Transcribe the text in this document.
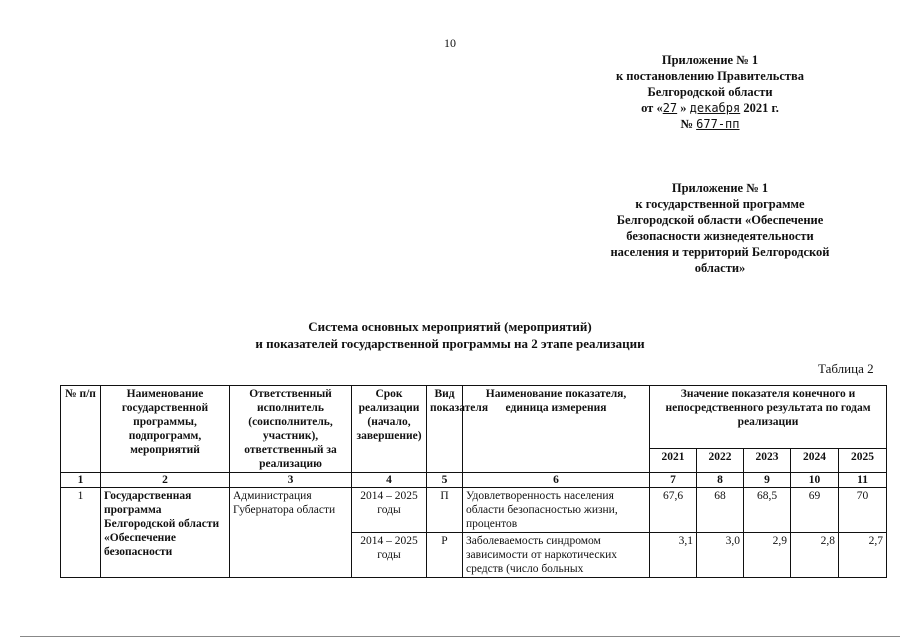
10
Приложение № 1
к постановлению Правительства
Белгородской области
от «27 » декабря 2021 г.
№ 677-пп
Приложение № 1
к государственной программе
Белгородской области «Обеспечение
безопасности жизнедеятельности
населения и территорий Белгородской
области»
Система основных мероприятий (мероприятий)
и показателей государственной программы на 2 этапе реализации
Таблица 2
№ п/п	Наименование государственной программы, подпрограмм, мероприятий	Ответственный исполнитель (соисполнитель, участник), ответственный за реализацию	Срок реализации (начало, завершение)	Вид показателя	Наименование показателя, единица измерения	Значение показателя конечного и непосредственного результата по годам реализации				
						2021	2022	2023	2024	2025
1	2	3	4	5	6	7	8	9	10	11
1	Государственная программа Белгородской области «Обеспечение безопасности	Администрация Губернатора области	2014 – 2025 годы	П	Удовлетворенность населения области безопасностью жизни, процентов	67,6	68	68,5	69	70
			2014 – 2025 годы	Р	Заболеваемость синдромом зависимости от наркотических средств (число больных	3,1	3,0	2,9	2,8	2,7
